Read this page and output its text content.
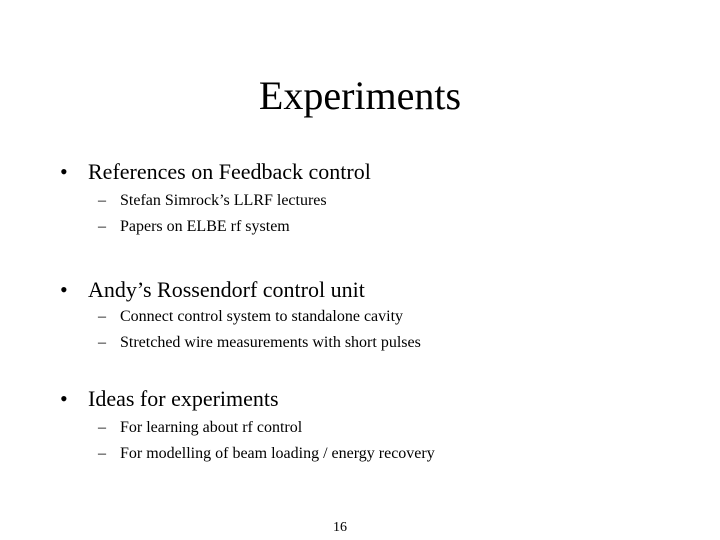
Experiments
• References on Feedback control
– Stefan Simrock’s LLRF lectures
– Papers on ELBE rf system
• Andy’s Rossendorf control unit
– Connect control system to standalone cavity
– Stretched wire measurements with short pulses
• Ideas for experiments
– For learning about rf control
– For modelling of beam loading / energy recovery
16
